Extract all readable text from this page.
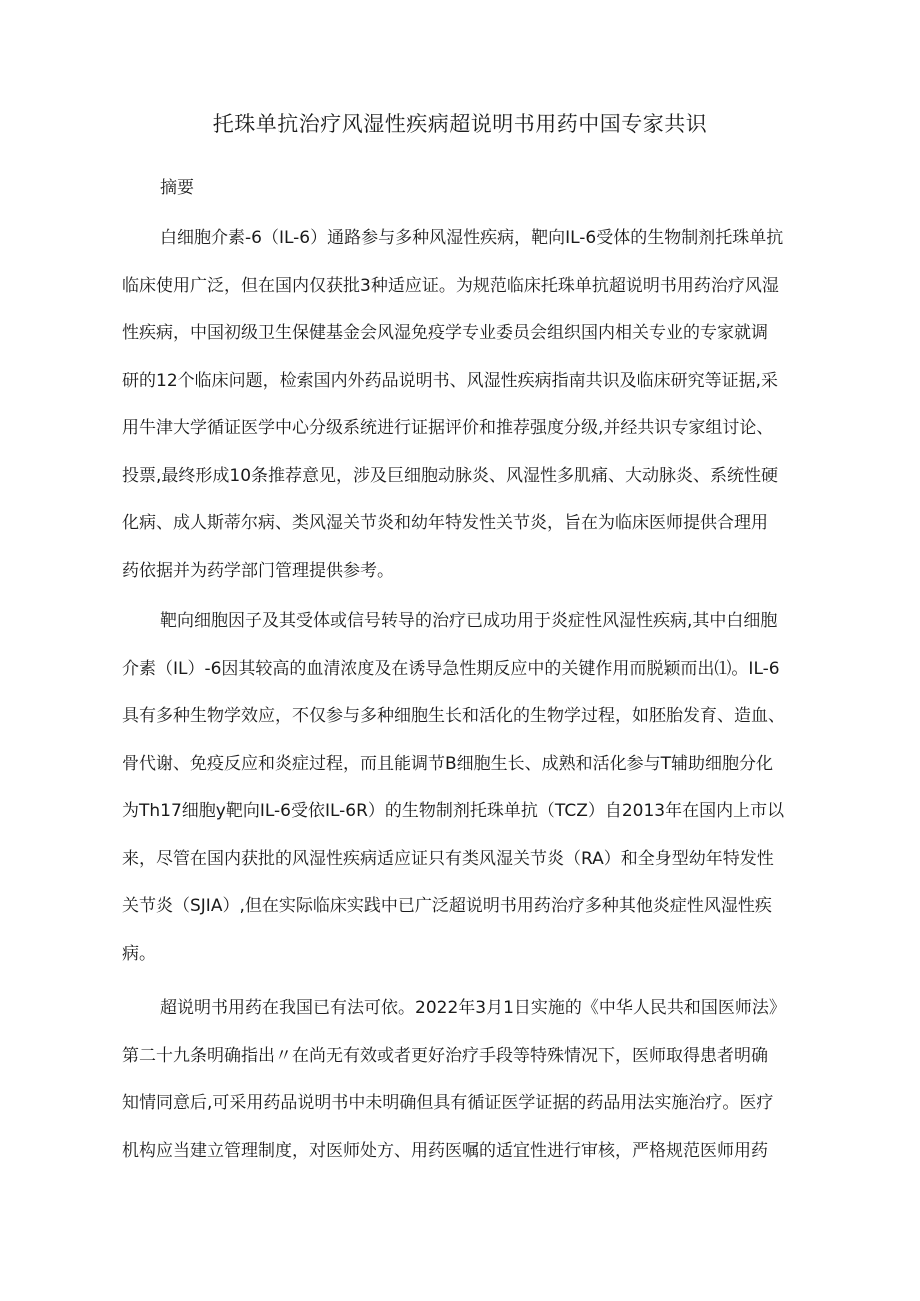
托珠单抗治疗风湿性疾病超说明书用药中国专家共识
摘要
白细胞介素-6（IL-6）通路参与多种风湿性疾病，靶向IL-6受体的生物制剂托珠单抗
临床使用广泛，但在国内仅获批3种适应证。为规范临床托珠单抗超说明书用药治疗风湿
性疾病，中国初级卫生保健基金会风湿免疫学专业委员会组织国内相关专业的专家就调
研的12个临床问题，检索国内外药品说明书、风湿性疾病指南共识及临床研究等证据,采
用牛津大学循证医学中心分级系统进行证据评价和推荐强度分级,并经共识专家组讨论、
投票,最终形成10条推荐意见，涉及巨细胞动脉炎、风湿性多肌痛、大动脉炎、系统性硬
化病、成人斯蒂尔病、类风湿关节炎和幼年特发性关节炎，旨在为临床医师提供合理用
药依据并为药学部门管理提供参考。
靶向细胞因子及其受体或信号转导的治疗已成功用于炎症性风湿性疾病,其中白细胞
介素（IL）-6因其较高的血清浓度及在诱导急性期反应中的关键作用而脱颖而出⑴。IL-6
具有多种生物学效应，不仅参与多种细胞生长和活化的生物学过程，如胚胎发育、造血、
骨代谢、免疫反应和炎症过程，而且能调节B细胞生长、成熟和活化参与T辅助细胞分化
为Th17细胞y靶向IL-6受依IL-6R）的生物制剂托珠单抗（TCZ）自2013年在国内上市以
来，尽管在国内获批的风湿性疾病适应证只有类风湿关节炎（RA）和全身型幼年特发性
关节炎（SJIA）,但在实际临床实践中已广泛超说明书用药治疗多种其他炎症性风湿性疾
病。
超说明书用药在我国已有法可依。2022年3月1日实施的《中华人民共和国医师法》
第二十九条明确指出〃在尚无有效或者更好治疗手段等特殊情况下，医师取得患者明确
知情同意后,可采用药品说明书中未明确但具有循证医学证据的药品用法实施治疗。医疗
机构应当建立管理制度，对医师处方、用药医嘱的适宜性进行审核，严格规范医师用药
